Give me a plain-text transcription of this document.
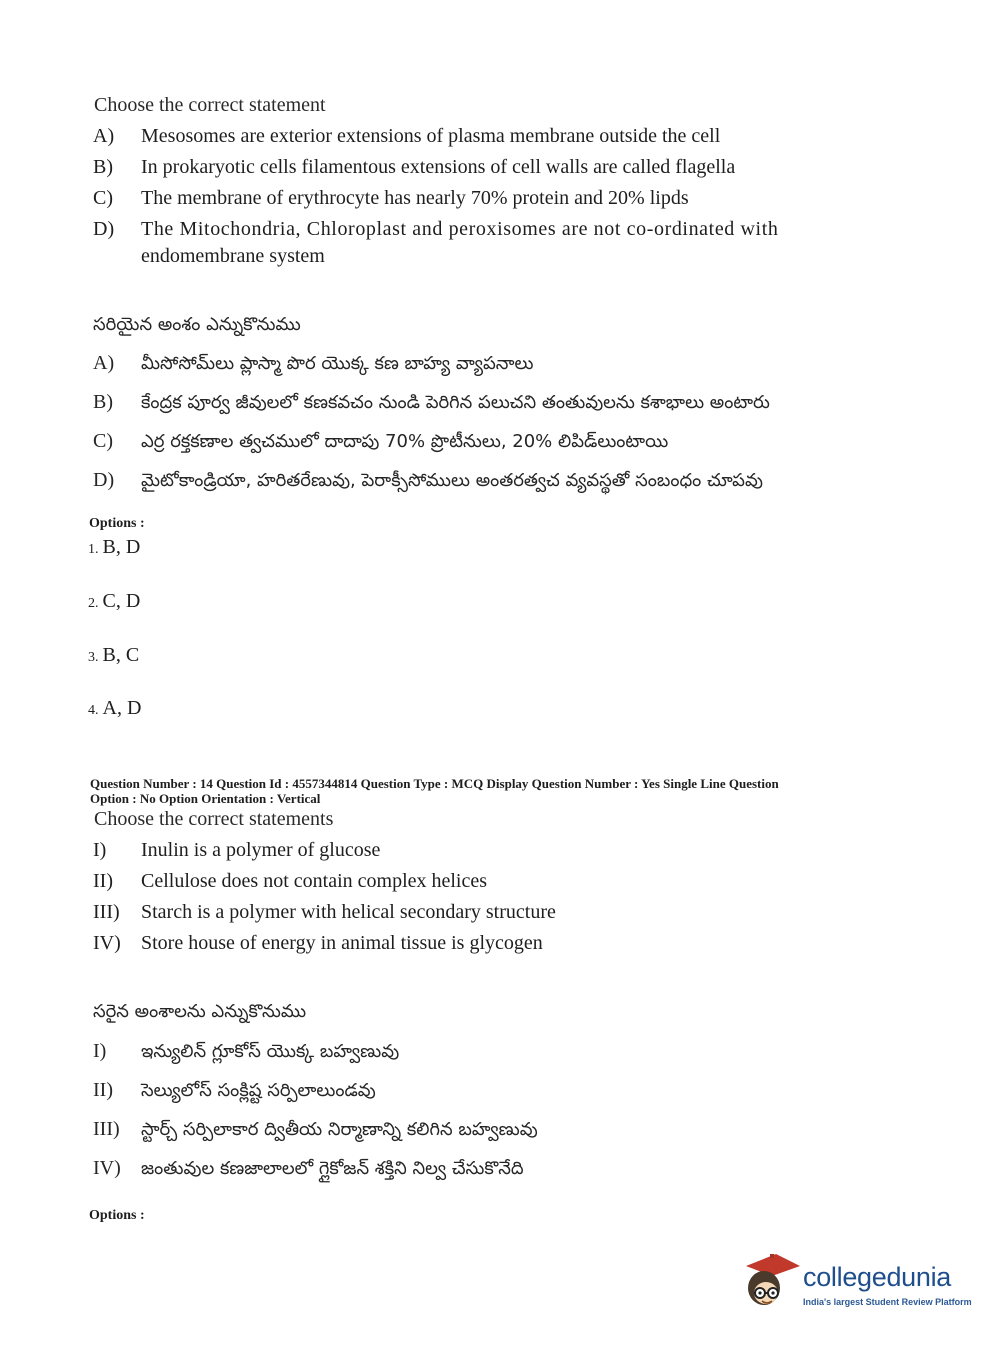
Choose the correct statement
A) Mesosomes are exterior extensions of plasma membrane outside the cell
B) In prokaryotic cells filamentous extensions of cell walls are called flagella
C) The membrane of erythrocyte has nearly 70% protein and 20% lipds
D) The Mitochondria, Chloroplast and peroxisomes are not co-ordinated with
endomembrane system
సరియైన అంశం ఎన్నుకొనుము
A) మీసోసోమ్‌లు ప్లాస్మా పొర యొక్క కణ బాహ్య వ్యాపనాలు
B) కేంద్రక పూర్వ జీవులలో కణకవచం నుండి పెరిగిన పలుచని తంతువులను కశాభాలు అంటారు
C) ఎర్ర రక్తకణాల త్వచములో దాదాపు 70% ప్రొటీనులు, 20% లిపిడ్‌లుంటాయి
D) మైటోకాండ్రియా, హరితరేణువు, పెరాక్సీసోములు అంతరత్వచ వ్యవస్థతో సంబంధం చూపవు
Options :
1. B, D
2. C, D
3. B, C
4. A, D
Question Number : 14 Question Id : 4557344814 Question Type : MCQ Display Question Number : Yes Single Line Question
Option : No Option Orientation : Vertical
Choose the correct statements
I) Inulin is a polymer of glucose
II) Cellulose does not contain complex helices
III) Starch is a polymer with helical secondary structure
IV) Store house of energy in animal tissue is glycogen
సరైన అంశాలను ఎన్నుకొనుము
I) ఇన్యులిన్ గ్లూకోస్ యొక్క బహ్వణువు
II) సెల్యులోస్ సంక్లిష్ట సర్పిలాలుండవు
III) స్టార్చ్ సర్పిలాకార ద్వితీయ నిర్మాణాన్ని కలిగిన బహ్వణువు
IV) జంతువుల కణజాలాలలో గ్లైకోజన్ శక్తిని నిల్వ చేసుకొనేది
Options :
collegedunia
India's largest Student Review Platform
